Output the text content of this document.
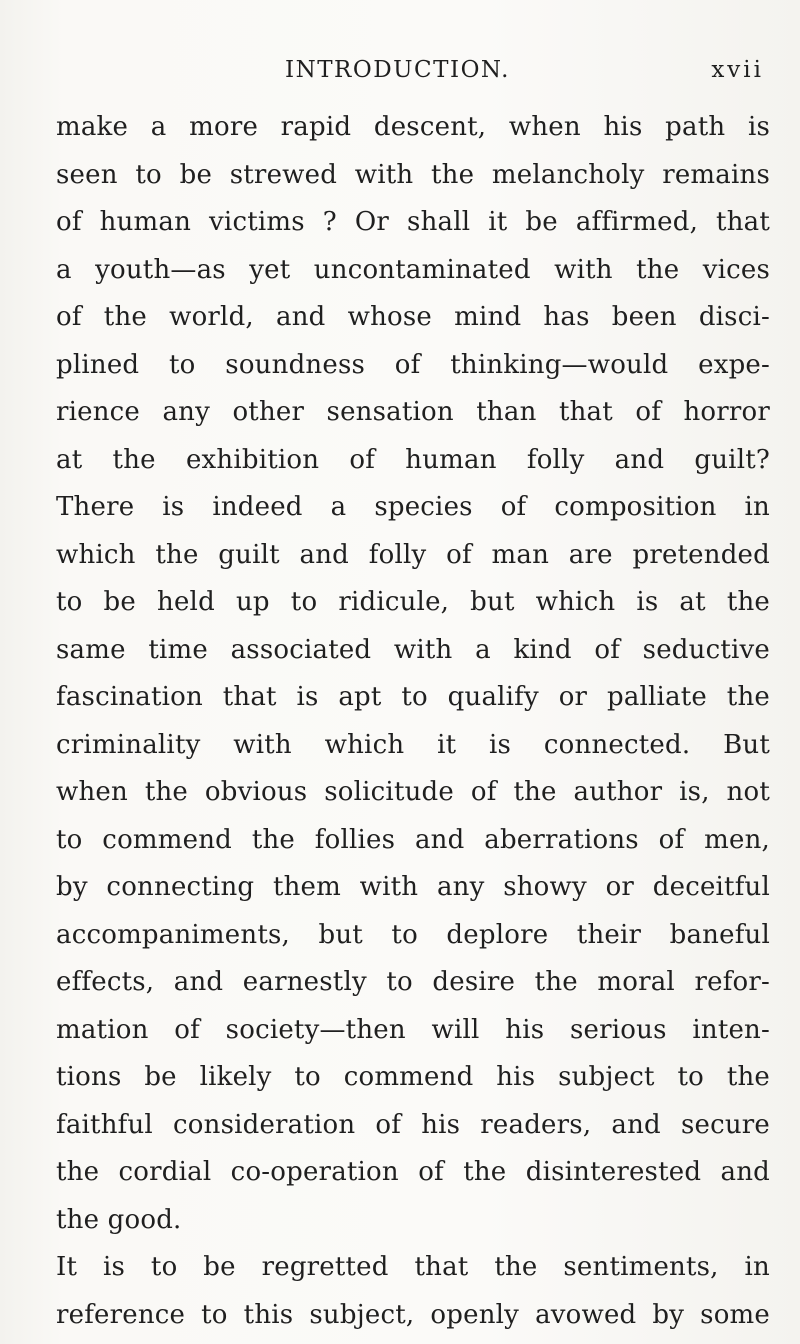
INTRODUCTION.	xvii
make a more rapid descent, when his path is
seen to be strewed with the melancholy remains
of human victims ? Or shall it be affirmed, that
a youth—as yet uncontaminated with the vices
of the world, and whose mind has been disci-
plined to soundness of thinking—would expe-
rience any other sensation than that of horror
at the exhibition of human folly and guilt?
There is indeed a species of composition in
which the guilt and folly of man are pretended
to be held up to ridicule, but which is at the
same time associated with a kind of seductive
fascination that is apt to qualify or palliate the
criminality with which it is connected. But
when the obvious solicitude of the author is, not
to commend the follies and aberrations of men,
by connecting them with any showy or deceitful
accompaniments, but to deplore their baneful
effects, and earnestly to desire the moral refor-
mation of society—then will his serious inten-
tions be likely to commend his subject to the
faithful consideration of his readers, and secure
the cordial co-operation of the disinterested and
the good.
It is to be regretted that the sentiments, in
reference to this subject, openly avowed by some
